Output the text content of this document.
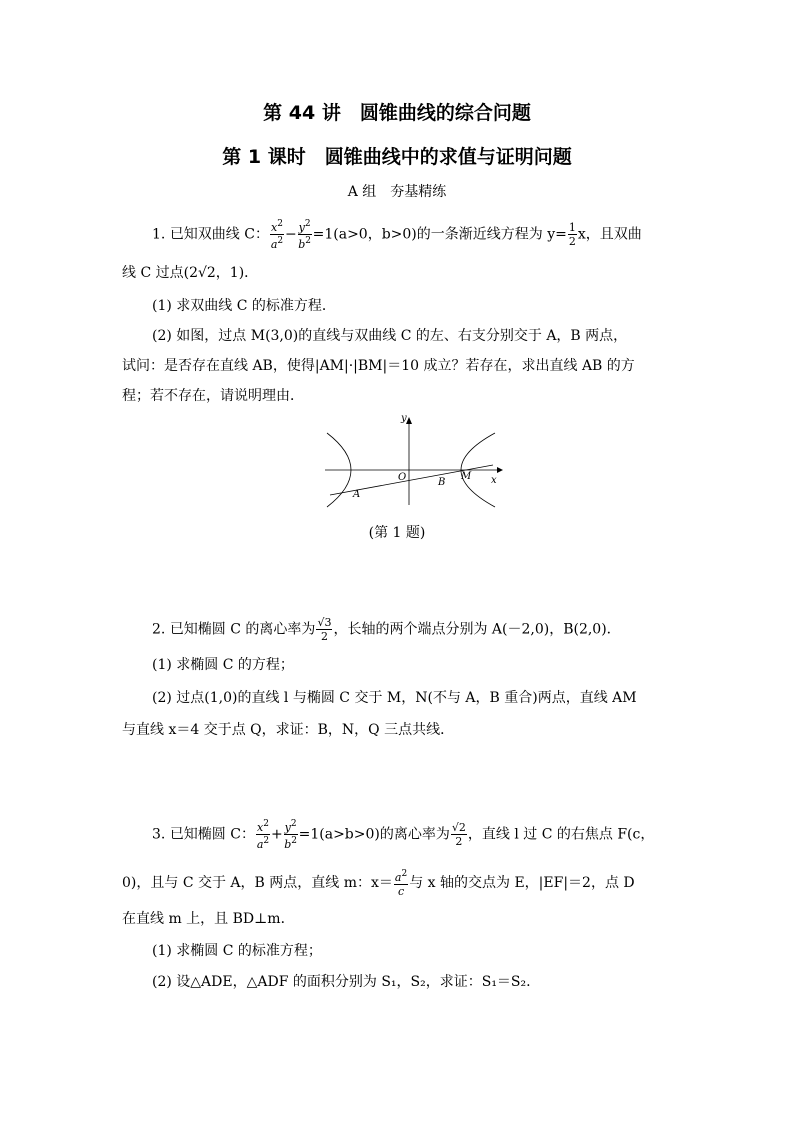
第 44 讲　圆锥曲线的综合问题
第 1 课时　圆锥曲线中的求值与证明问题
A 组　夯基精练
1. 已知双曲线 C： $\frac{x^2}{a^2} - \frac{y^2}{b^2} =1(a>0$，b>0)的一条渐近线方程为 $y= \frac{1}{2}$ x，且双曲
线 C 过点(2√2，1)．
(1) 求双曲线 C 的标准方程．
(2) 如图，过点 M(3,0)的直线与双曲线 C 的左、右支分别交于 A，B 两点，
试问：是否存在直线 AB，使得|AM|·|BM|＝10 成立？若存在，求出直线 AB 的方
程；若不存在，请说明理由．
y
x
O
A
B
M
(第 1 题)
2. 已知椭圆 C 的离心率为 $\frac{√3}{2}$ ，长轴的两个端点分别为 A(－2,0)，B(2,0)．
(1) 求椭圆 C 的方程；
(2) 过点(1,0)的直线 l 与椭圆 C 交于 M，N(不与 A，B 重合)两点，直线 AM
与直线 x＝4 交于点 Q，求证：B，N，Q 三点共线．
3. 已知椭圆 C： $\frac{x^2}{a^2} + \frac{y^2}{b^2} =1(a>b>0)$的离心率为 $\frac{√2}{2}$ ，直线 l 过 C 的右焦点 F(c，
0)，且与 C 交于 A，B 两点，直线 m：$x= \frac{a^2}{c}$ 与 x 轴的交点为 E，|EF|＝2，点 D
在直线 m 上，且 BD⊥m．
(1) 求椭圆 C 的标准方程；
(2) 设△ADE，△ADF 的面积分别为 S₁，S₂，求证：S₁＝S₂.
